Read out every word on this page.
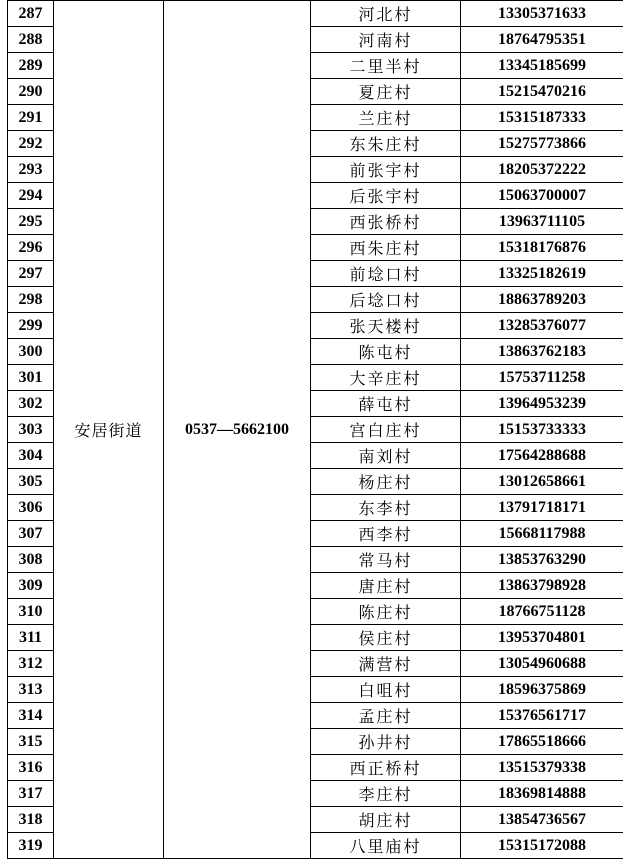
287	安居街道	0537—5662100	河北村	13305371633
288			河南村	18764795351
289			二里半村	13345185699
290			夏庄村	15215470216
291			兰庄村	15315187333
292			东朱庄村	15275773866
293			前张宇村	18205372222
294			后张宇村	15063700007
295			西张桥村	13963711105
296			西朱庄村	15318176876
297			前埝口村	13325182619
298			后埝口村	18863789203
299			张天楼村	13285376077
300			陈屯村	13863762183
301			大辛庄村	15753711258
302			薛屯村	13964953239
303			宫白庄村	15153733333
304			南刘村	17564288688
305			杨庄村	13012658661
306			东李村	13791718171
307			西李村	15668117988
308			常马村	13853763290
309			唐庄村	13863798928
310			陈庄村	18766751128
311			侯庄村	13953704801
312			满营村	13054960688
313			白咀村	18596375869
314			孟庄村	15376561717
315			孙井村	17865518666
316			西正桥村	13515379338
317			李庄村	18369814888
318			胡庄村	13854736567
319			八里庙村	15315172088
